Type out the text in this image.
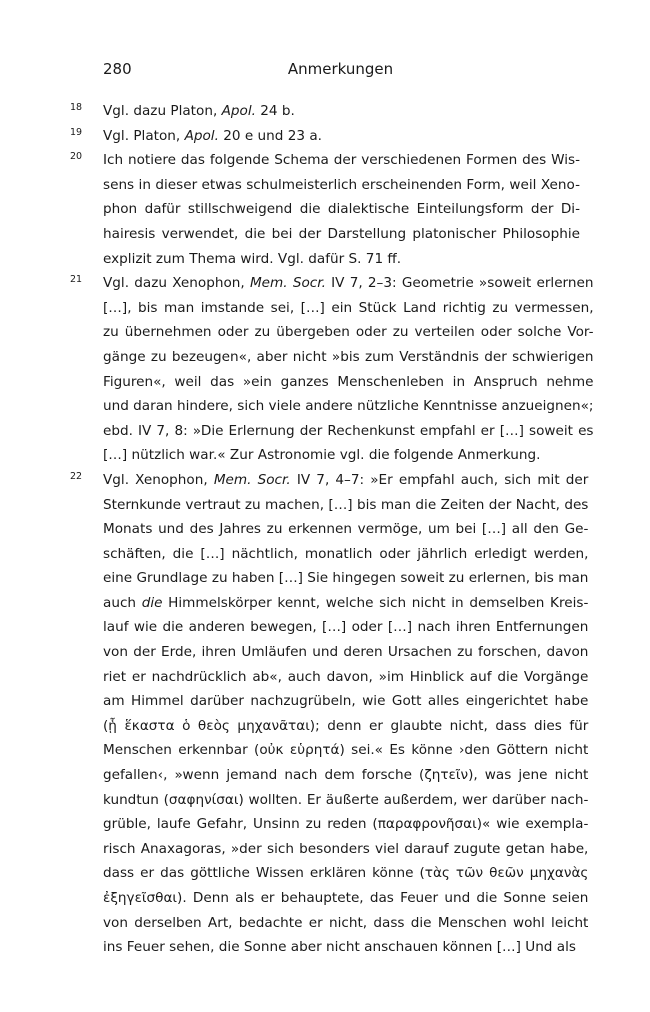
280	Anmerkungen
18	Vgl. dazu Platon, Apol. 24 b.
19	Vgl. Platon, Apol. 20 e und 23 a.
20	Ich notiere das folgende Schema der verschiedenen Formen des Wis-
sens in dieser etwas schulmeisterlich erscheinenden Form, weil Xeno-
phon dafür stillschweigend die dialektische Einteilungsform der Di-
hairesis verwendet, die bei der Darstellung platonischer Philosophie
explizit zum Thema wird. Vgl. dafür S. 71 ff.
21	Vgl. dazu Xenophon, Mem. Socr. IV 7, 2–3: Geometrie »soweit erlernen
[…], bis man imstande sei, […] ein Stück Land richtig zu vermessen,
zu übernehmen oder zu übergeben oder zu verteilen oder solche Vor-
gänge zu bezeugen«, aber nicht »bis zum Verständnis der schwierigen
Figuren«, weil das »ein ganzes Menschenleben in Anspruch nehme
und daran hindere, sich viele andere nützliche Kenntnisse anzueignen«;
ebd. IV 7, 8: »Die Erlernung der Rechenkunst empfahl er […] soweit es
[…] nützlich war.« Zur Astronomie vgl. die folgende Anmerkung.
22	Vgl. Xenophon, Mem. Socr. IV 7, 4–7: »Er empfahl auch, sich mit der
Sternkunde vertraut zu machen, […] bis man die Zeiten der Nacht, des
Monats und des Jahres zu erkennen vermöge, um bei […] all den Ge-
schäften, die […] nächtlich, monatlich oder jährlich erledigt werden,
eine Grundlage zu haben […] Sie hingegen soweit zu erlernen, bis man
auch die Himmelskörper kennt, welche sich nicht in demselben Kreis-
lauf wie die anderen bewegen, […] oder […] nach ihren Entfernungen
von der Erde, ihren Umläufen und deren Ursachen zu forschen, davon
riet er nachdrücklich ab«, auch davon, »im Hinblick auf die Vorgänge
am Himmel darüber nachzugrübeln, wie Gott alles eingerichtet habe
(ᾗ ἕκαστα ὁ θεὸς μηχανᾶται); denn er glaubte nicht, dass dies für
Menschen erkennbar (οὐκ εὑρητά) sei.« Es könne ›den Göttern nicht
gefallen‹, »wenn jemand nach dem forsche (ζητεῖν), was jene nicht
kundtun (σαφηνίσαι) wollten. Er äußerte außerdem, wer darüber nach-
grüble, laufe Gefahr, Unsinn zu reden (παραφρονῆσαι)« wie exempla-
risch Anaxagoras, »der sich besonders viel darauf zugute getan habe,
dass er das göttliche Wissen erklären könne (τὰς τῶν θεῶν μηχανὰς
ἐξηγεῖσθαι). Denn als er behauptete, das Feuer und die Sonne seien
von derselben Art, bedachte er nicht, dass die Menschen wohl leicht
ins Feuer sehen, die Sonne aber nicht anschauen können […] Und als
